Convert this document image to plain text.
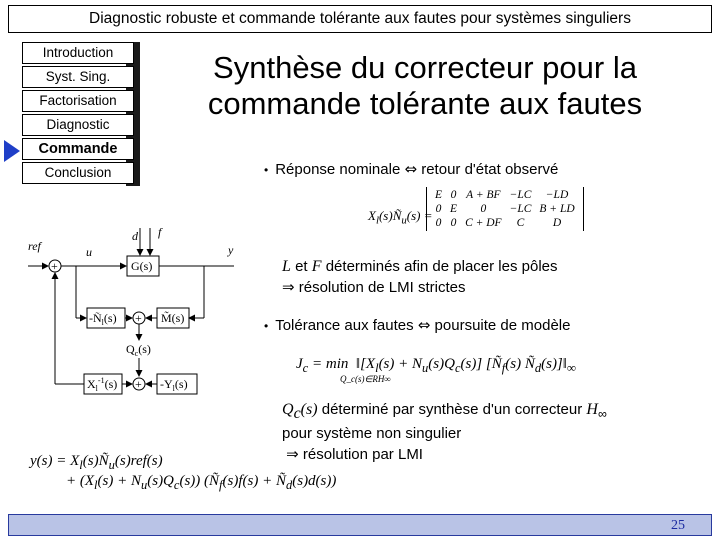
Diagnostic robuste et commande tolérante aux fautes pour systèmes singuliers
Introduction
Syst. Sing.
Factorisation
Diagnostic
Commande
Conclusion
Synthèse du correcteur pour la
commande tolérante aux fautes
• Réponse nominale ⇔ retour d'état observé
$X_l(s)Ñ_u(s)$ =
E	0	A + BF	−LC	−LD
0	E	0	−LC	B + LD
0	0	C + DF	C	D
L et F déterminés afin de placer les pôles
⇒ résolution de LMI strictes
• Tolérance aux fautes ⇔ poursuite de modèle
$J_c = \min$ $‖[X_l(s) + N_u(s)Q_c(s)]$ [$Ñ_f(s)$ $Ñ_d(s)]‖_\infty$
Q_c(s)∈RH∞
$Q_c(s)$ déterminé par synthèse d'un correcteur $H_\infty$
pour système non singulier
⇒ résolution par LMI
$y(s) = X_l(s)Ñ_u(s)ref(s)$
+ $(X_l(s) + N_u(s)Q_c(s))$ ($Ñ_f(s)f(s)$ + $Ñ_d(s)d(s)$)
ref
+
u
d f
y
G(s)
$-Ñ_l(s)$ + M̃(s)
$Q_c(s)$
$X_l^{-1}(s) + -Y_l(s)$
25
